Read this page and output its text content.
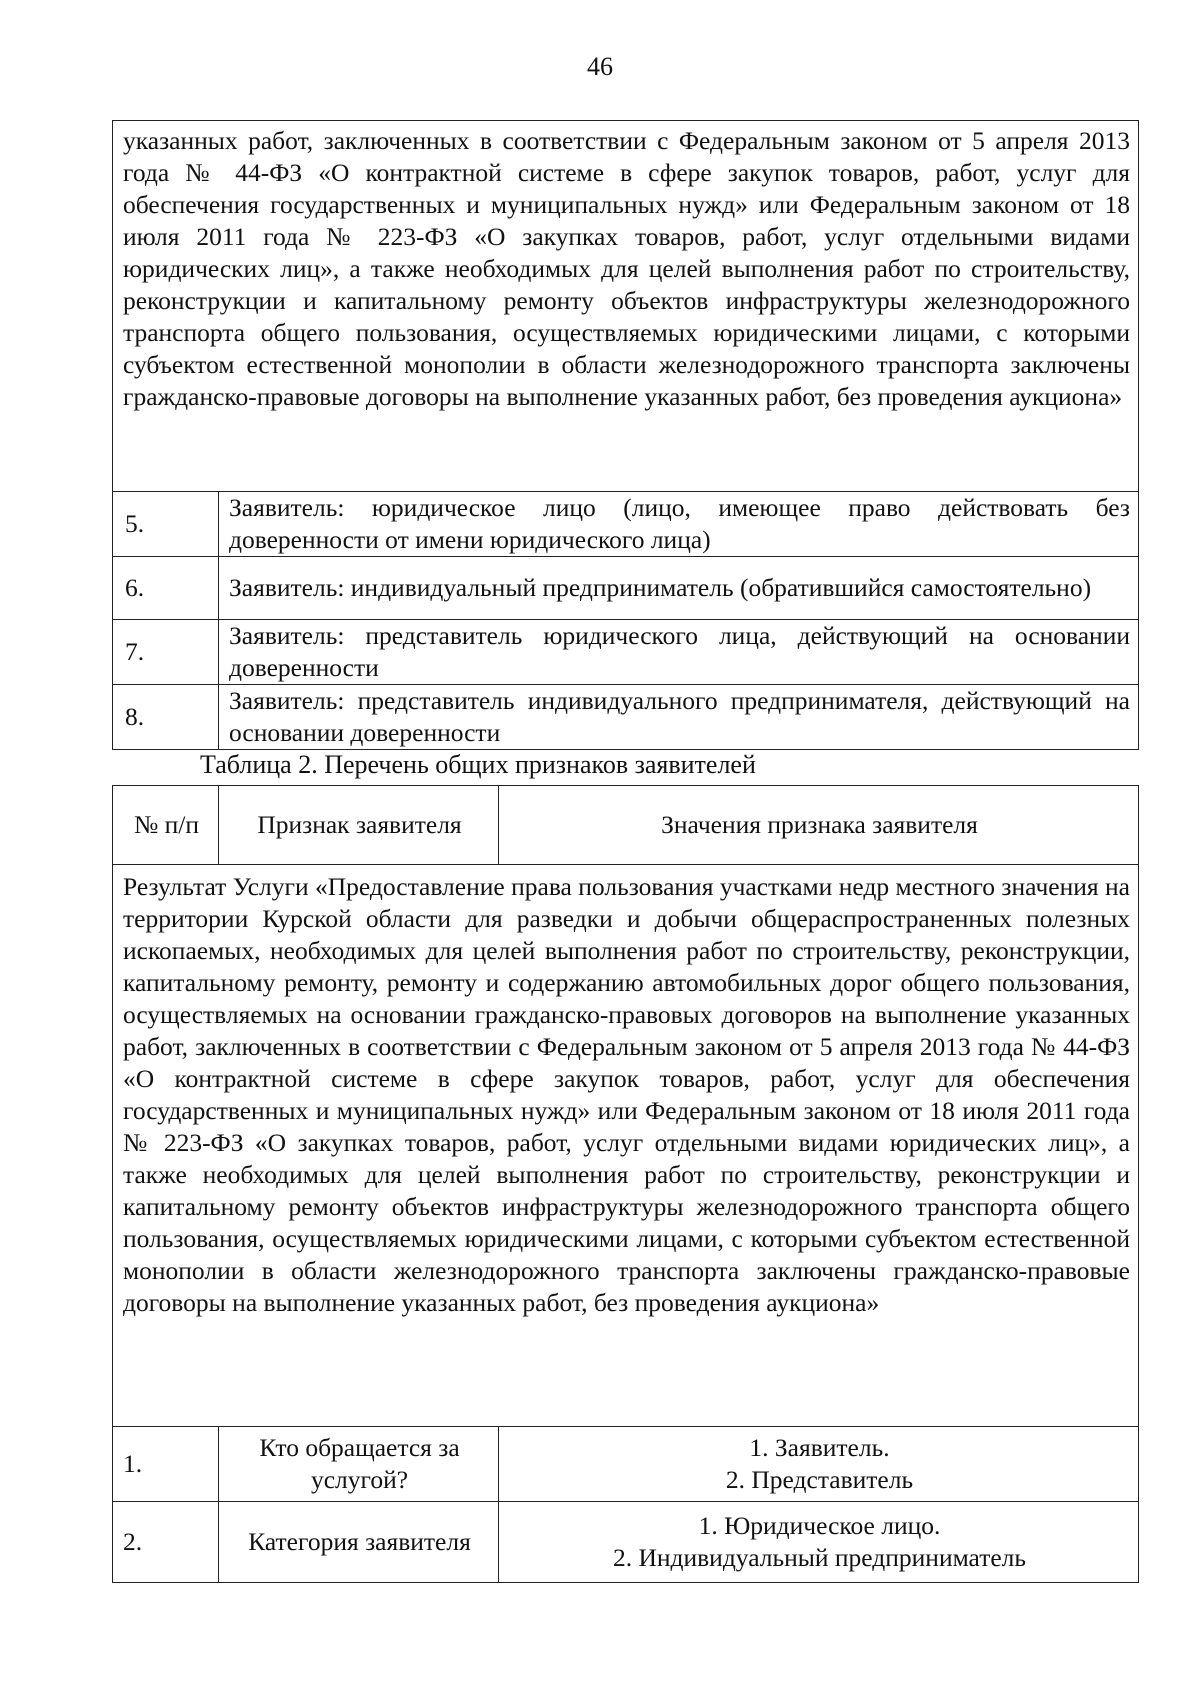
46
указанных работ, заключенных в соответствии с Федеральным законом от 5 апреля 2013 года № 44-ФЗ «О контрактной системе в сфере закупок товаров, работ, услуг для обеспечения государственных и муниципальных нужд» или Федеральным законом от 18 июля 2011 года № 223-ФЗ «О закупках товаров, работ, услуг отдельными видами юридических лиц», а также необходимых для целей выполнения работ по строительству, реконструкции и капитальному ремонту объектов инфраструктуры железнодорожного транспорта общего пользования, осуществляемых юридическими лицами, с которыми субъектом естественной монополии в области железнодорожного транспорта заключены гражданско-правовые договоры на выполнение указанных работ, без проведения аукциона»	
5.	Заявитель: юридическое лицо (лицо, имеющее право действовать без доверенности от имени юридического лица)
6.	Заявитель: индивидуальный предприниматель (обратившийся самостоятельно)
7.	Заявитель: представитель юридического лица, действующий на основании доверенности
8.	Заявитель: представитель индивидуального предпринимателя, действующий на основании доверенности
Таблица 2. Перечень общих признаков заявителей
№ п/п	Признак заявителя	Значения признака заявителя
Результат Услуги «Предоставление права пользования участками недр местного значения на территории Курской области для разведки и добычи общераспространенных полезных ископаемых, необходимых для целей выполнения работ по строительству, реконструкции, капитальному ремонту, ремонту и содержанию автомобильных дорог общего пользования, осуществляемых на основании гражданско-правовых договоров на выполнение указанных работ, заключенных в соответствии с Федеральным законом от 5 апреля 2013 года № 44-ФЗ «О контрактной системе в сфере закупок товаров, работ, услуг для обеспечения государственных и муниципальных нужд» или Федеральным законом от 18 июля 2011 года № 223-ФЗ «О закупках товаров, работ, услуг отдельными видами юридических лиц», а также необходимых для целей выполнения работ по строительству, реконструкции и капитальному ремонту объектов инфраструктуры железнодорожного транспорта общего пользования, осуществляемых юридическими лицами, с которыми субъектом естественной монополии в области железнодорожного транспорта заключены гражданско-правовые договоры на выполнение указанных работ, без проведения аукциона»		
1.	Кто обращается за услугой?	1. Заявитель.
2. Представитель

2.	Категория заявителя	1. Юридическое лицо.
2. Индивидуальный предприниматель
